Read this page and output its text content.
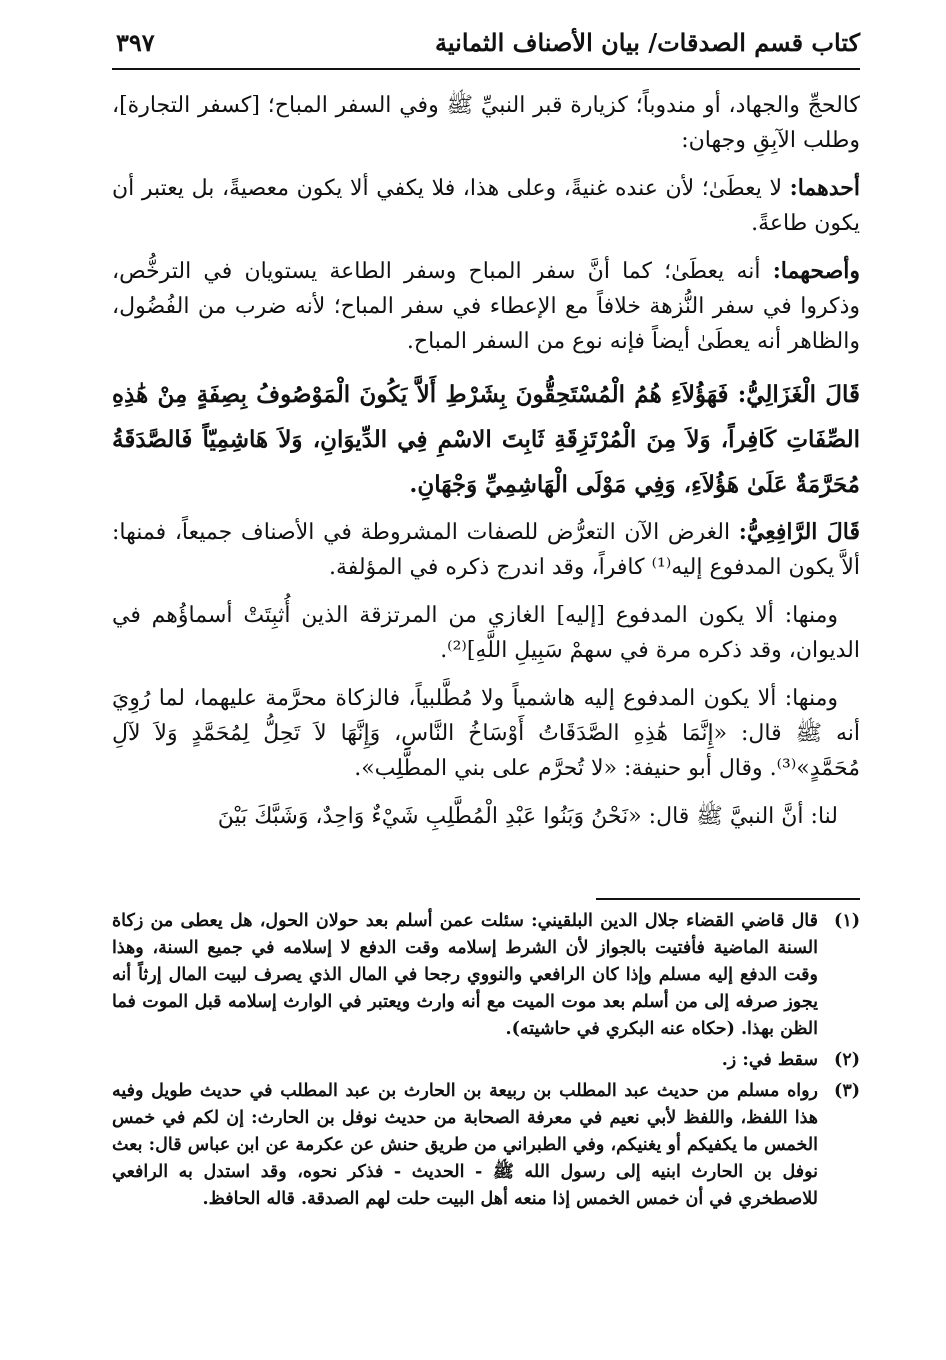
كتاب قسم الصدقات/ بيان الأصناف الثمانية
٣٩٧

كالحجِّ والجهاد، أو مندوباً؛ كزيارة قبر النبيِّ ﷺ وفي السفر المباح؛ [كسفر التجارة]، وطلب الآبِقِ وجهان:

أحدهما: لا يعطَىٰ؛ لأن عنده غنيةً، وعلى هذا، فلا يكفي ألا يكون معصيةً، بل يعتبر أن يكون طاعةً.

وأصحهما: أنه يعطَىٰ؛ كما أنَّ سفر المباح وسفر الطاعة يستويان في الترخُّص، وذكروا في سفر النُّزهة خلافاً مع الإعطاء في سفر المباح؛ لأنه ضرب من الفُضُول، والظاهر أنه يعطَىٰ أيضاً فإنه نوع من السفر المباح.

قَالَ الْغَزَالِيُّ: فَهَؤُلاَءِ هُمُ الْمُسْتَحِقُّونَ بِشَرْطِ أَلاَّ يَكُونَ الْمَوْصُوفُ بِصِفَةٍ مِنْ هَٰذِهِ الصِّفَاتِ كَافِراً، وَلاَ مِنَ الْمُرْتَزِقَةِ ثَابِتَ الاسْمِ فِي الدِّيوَانِ، وَلاَ هَاشِمِيّاً فَالصَّدَقَةُ مُحَرَّمَةٌ عَلَىٰ هَؤُلاَءِ، وَفِي مَوْلَى الْهَاشِمِيِّ وَجْهَانِ.

قَالَ الرَّافِعِيُّ: الغرض الآن التعرُّض للصفات المشروطة في الأصناف جميعاً، فمنها: ألاَّ يكون المدفوع إليه⁽¹⁾ كافراً، وقد اندرج ذكره في المؤلفة.

ومنها: ألا يكون المدفوع [إليه] الغازي من المرتزقة الذين أُثبِتَتْ أسماؤُهم في الديوان، وقد ذكره مرة في سهمْ سَبِيلِ اللَّهِ]⁽²⁾.

ومنها: ألا يكون المدفوع إليه هاشمياً ولا مُطَّلبياً، فالزكاة محرَّمة عليهما، لما رُوِيَ أنه ﷺ قال: «إِنَّمَا هَٰذِهِ الصَّدَقَاتُ أَوْسَاخُ النَّاسِ، وَإِنَّهَا لاَ تَحِلُّ لِمُحَمَّدٍ وَلاَ لآلِ مُحَمَّدٍ»⁽³⁾. وقال أبو حنيفة: «لا تُحرَّم على بني المطَّلِب».

لنا: أنَّ النبيَّ ﷺ قال: «نَحْنُ وَبَنُوا عَبْدِ الْمُطَّلِبِ شَيْءٌ وَاحِدٌ، وَشَبَّكَ بَيْنَ

(١)
قال قاضي القضاء جلال الدين البلقيني: سئلت عمن أسلم بعد حولان الحول، هل يعطى من زكاة السنة الماضية فأفتيت بالجواز لأن الشرط إسلامه وقت الدفع لا إسلامه في جميع السنة، وهذا وقت الدفع إليه مسلم وإذا كان الرافعي والنووي رجحا في المال الذي يصرف لبيت المال إرثاً أنه يجوز صرفه إلى من أسلم بعد موت الميت مع أنه وارث ويعتبر في الوارث إسلامه قبل الموت فما الظن بهذا. (حكاه عنه البكري في حاشيته).
(٢)
سقط في: ز.
(٣)
رواه مسلم من حديث عبد المطلب بن ربيعة بن الحارث بن عبد المطلب في حديث طويل وفيه هذا اللفظ، واللفظ لأبي نعيم في معرفة الصحابة من حديث نوفل بن الحارث: إن لكم في خمس الخمس ما يكفيكم أو يغنيكم، وفي الطبراني من طريق حنش عن عكرمة عن ابن عباس قال: بعث نوفل بن الحارث ابنيه إلى رسول الله ﷺ - الحديث - فذكر نحوه، وقد استدل به الرافعي للاصطخري في أن خمس الخمس إذا منعه أهل البيت حلت لهم الصدقة. قاله الحافظ.
